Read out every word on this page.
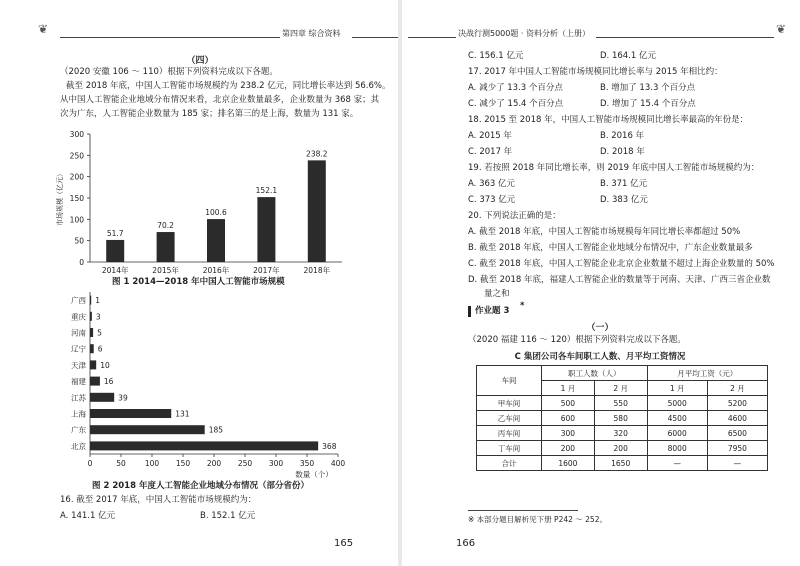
❦	第四章 综合资料
（四）
（2020 安徽 106 ～ 110）根据下列资料完成以下各题。
截至 2018 年底，中国人工智能市场规模约为 238.2 亿元，同比增长率达到 56.6%。
从中国人工智能企业地域分布情况来看，北京企业数量最多，企业数量为 368 家；其
次为广东，人工智能企业数量为 185 家；排名第三的是上海，数量为 131 家。
0
50
100
150
200
250
300
市场规模（亿元）
51.7
2014年
70.2
2015年
100.6
2016年
152.1
2017年
238.2
2018年
图 1 2014—2018 年中国人工智能市场规模
0	50	100 150 200 250 300 350 400
数量（个）
1
广西
3
重庆
5
河南
6
辽宁
10
天津
16
福建
39
江苏
131
上海
185
广东
368
北京
图 2 2018 年度人工智能企业地域分布情况（部分省份）
16. 截至 2017 年底，中国人工智能市场规模约为：
A. 141.1 亿元	B. 152.1 亿元
165
决战行测5000题 · 资料分析（上册）	❦
C. 156.1 亿元	D. 164.1 亿元
17. 2017 年中国人工智能市场规模同比增长率与 2015 年相比约：
A. 减少了 13.3 个百分点	B. 增加了 13.3 个百分点
C. 减少了 15.4 个百分点	D. 增加了 15.4 个百分点
18. 2015 至 2018 年，中国人工智能市场规模同比增长率最高的年份是：
A. 2015 年	B. 2016 年
C. 2017 年	D. 2018 年
19. 若按照 2018 年同比增长率，则 2019 年底中国人工智能市场规模约为：
A. 363 亿元	B. 371 亿元
C. 373 亿元	D. 383 亿元
20. 下列说法正确的是：
A. 截至 2018 年底，中国人工智能市场规模每年同比增长率都超过 50%
B. 截至 2018 年底，中国人工智能企业地域分布情况中，广东企业数量最多
C. 截至 2018 年底，中国人工智能企业北京企业数量不超过上海企业数量的 50%
D. 截至 2018 年底，福建人工智能企业的数量等于河南、天津、广西三省企业数
量之和
作业题 3 *
（一）
（2020 福建 116 ～ 120）根据下列资料完成以下各题。
C 集团公司各车间职工人数、月平均工资情况
车间	职工人数（人）		月平均工资（元）	
	1 月	2 月	1 月	2 月
甲车间	500	550	5000	5200
乙车间	600	580	4500	4600
丙车间	300	320	6000	6500
丁车间	200	200	8000	7950
合计	1600	1650	—	—
※ 本部分题目解析见下册 P242 ～ 252。
166
